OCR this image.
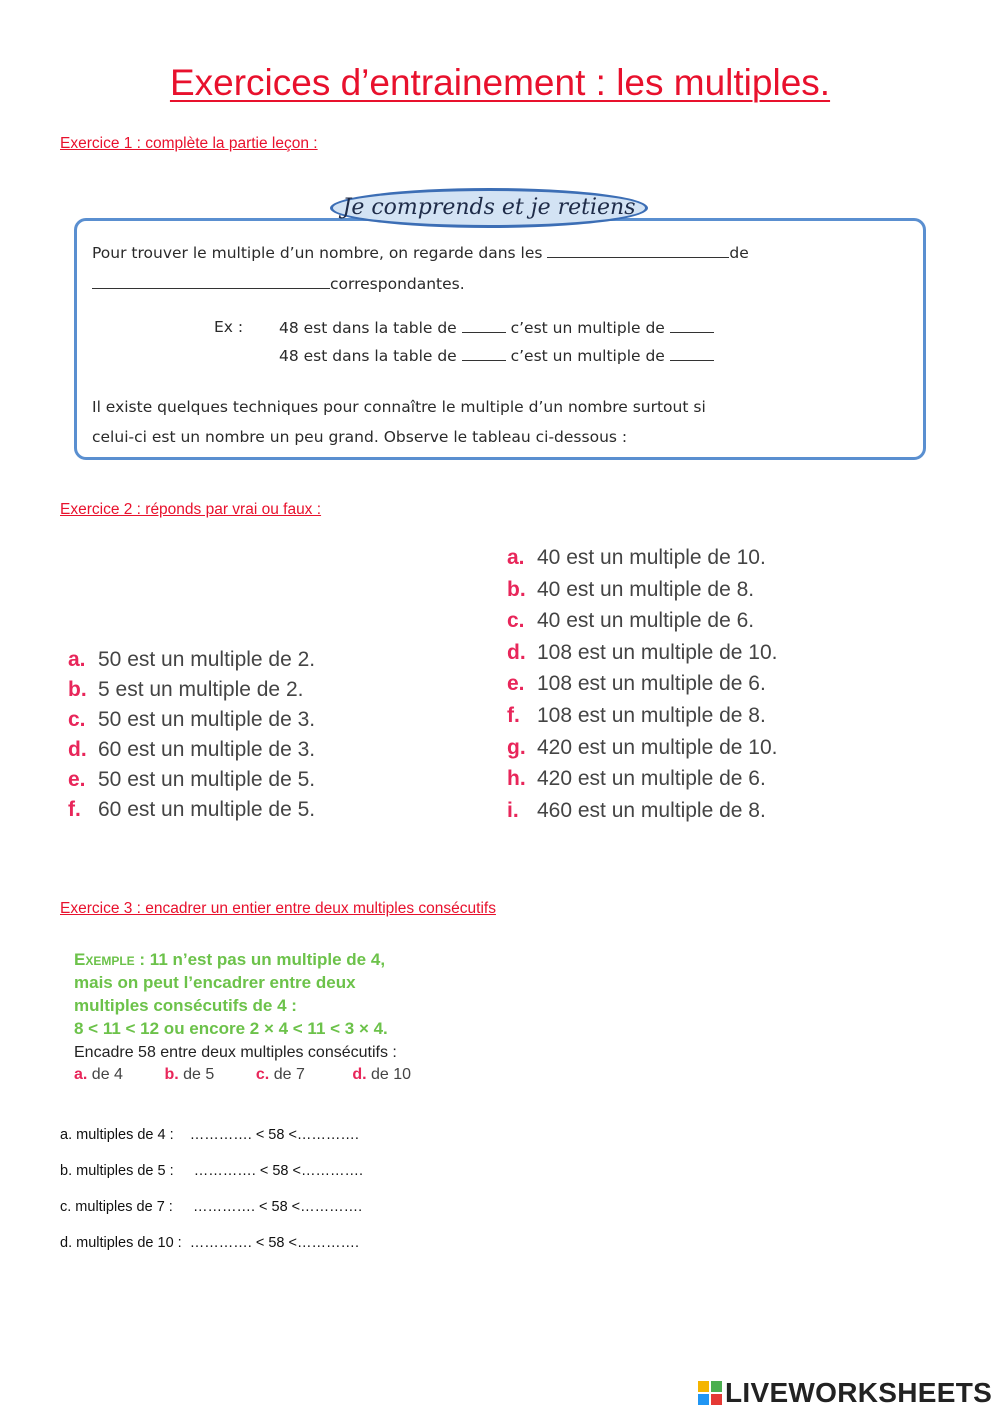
Exercices d’entrainement : les multiples.
Exercice 1 : complète la partie leçon :
Je comprends et je retiens
Pour trouver le multiple d’un nombre, on regarde dans les	de
correspondantes.
Ex : 48 est dans la table de	c’est un multiple de
48 est dans la table de	c’est un multiple de
Il existe quelques techniques pour connaître le multiple d’un nombre surtout si
celui-ci est un nombre un peu grand. Observe le tableau ci-dessous :
Exercice 2 : réponds par vrai ou faux :
a. 50 est un multiple de 2.
b. 5 est un multiple de 2.
c. 50 est un multiple de 3.
d. 60 est un multiple de 3.
e. 50 est un multiple de 5.
f. 60 est un multiple de 5.
a. 40 est un multiple de 10.
b. 40 est un multiple de 8.
c. 40 est un multiple de 6.
d. 108 est un multiple de 10.
e. 108 est un multiple de 6.
f. 108 est un multiple de 8.
g. 420 est un multiple de 10.
h. 420 est un multiple de 6.
i. 460 est un multiple de 8.
Exercice 3 : encadrer un entier entre deux multiples consécutifs
Exemple : 11 n’est pas un multiple de 4,
mais on peut l’encadrer entre deux
multiples consécutifs de 4 :
8 < 11 < 12 ou encore 2 × 4 < 11 < 3 × 4.
Encadre 58 entre deux multiples consécutifs :
a. de 4	b. de 5	c. de 7	d. de 10
a. multiples de 4 :    …………. < 58 <………….
b. multiples de 5 :     …………. < 58 <………….
c. multiples de 7 :     …………. < 58 <………….
d. multiples de 10 :  …………. < 58 <………….
LIVEWORKSHEETS
